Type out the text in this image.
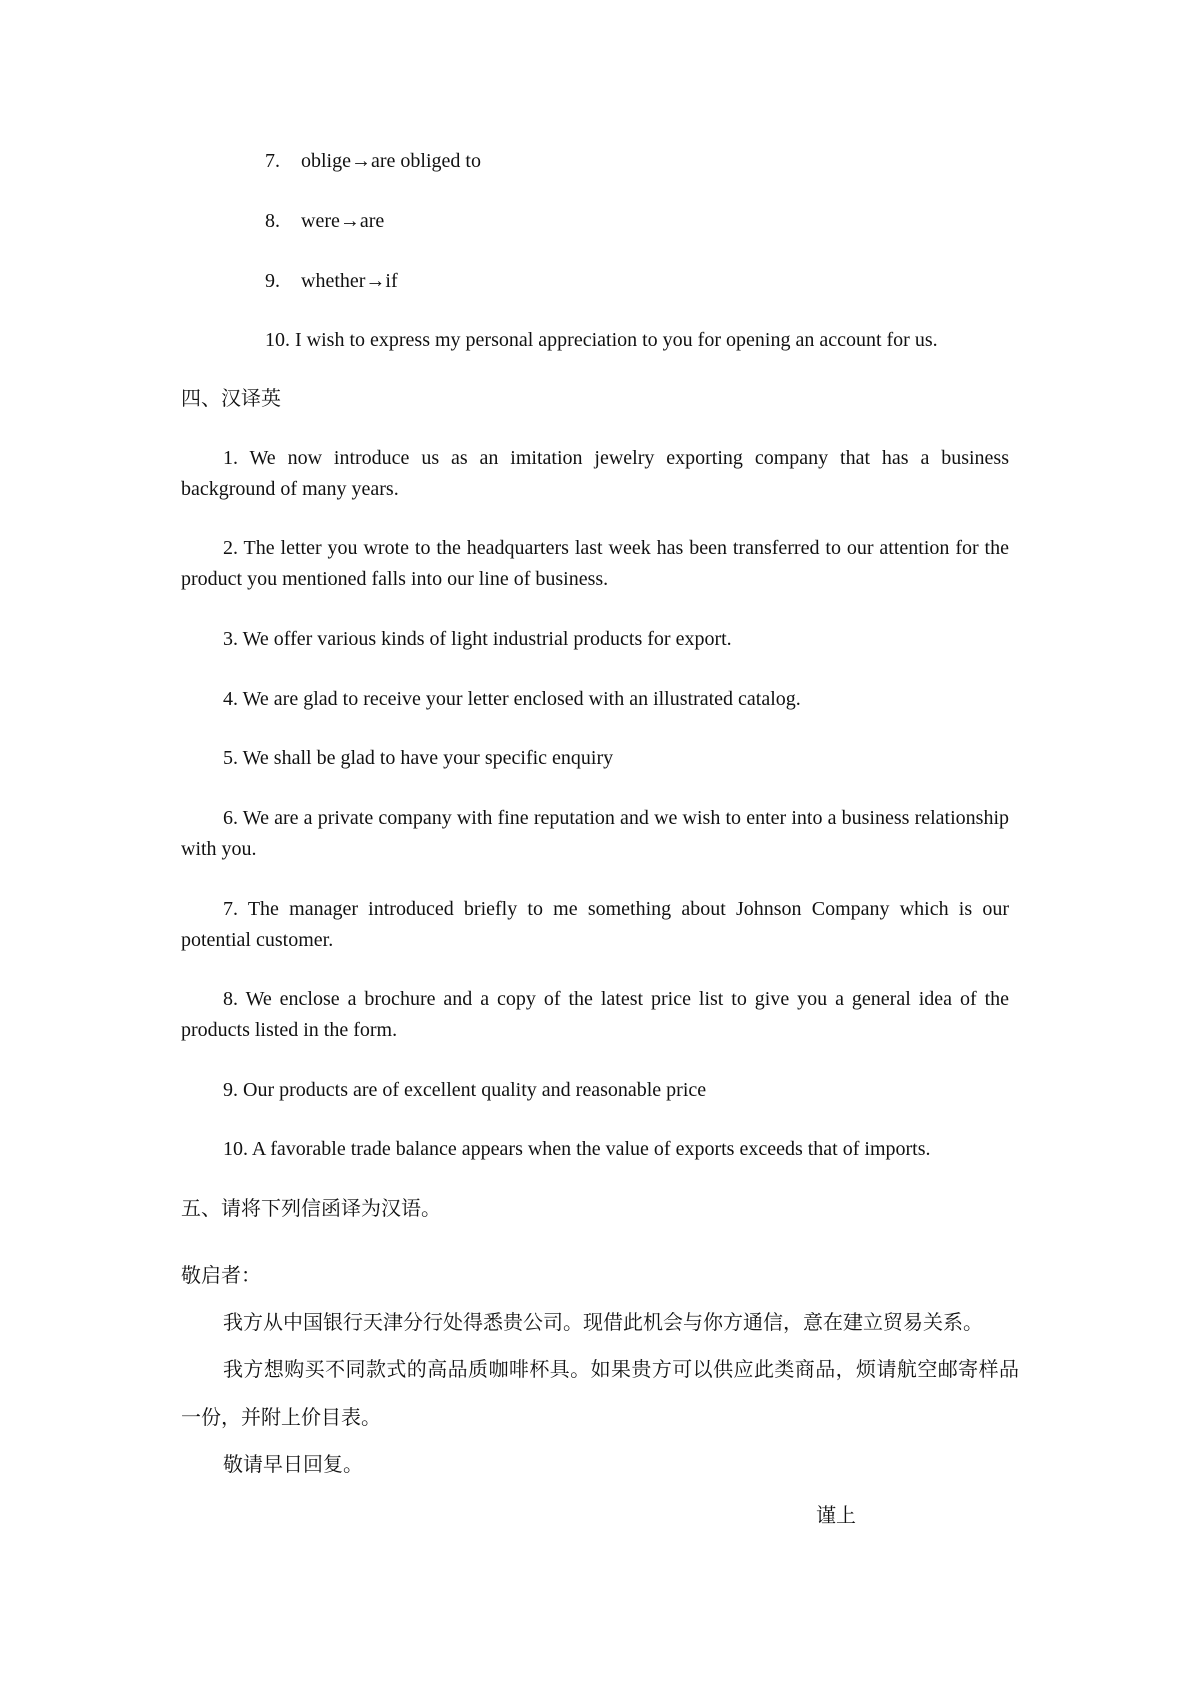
7. oblige→are obliged to
8. were→are
9. whether→if
10. I wish to express my personal appreciation to you for opening an account for us.
四、汉译英
1. We now introduce us as an imitation jewelry exporting company that has a business background of many years.
2. The letter you wrote to the headquarters last week has been transferred to our attention for the product you mentioned falls into our line of business.
3. We offer various kinds of light industrial products for export.
4. We are glad to receive your letter enclosed with an illustrated catalog.
5. We shall be glad to have your specific enquiry
6. We are a private company with fine reputation and we wish to enter into a business relationship with you.
7. The manager introduced briefly to me something about Johnson Company which is our potential customer.
8. We enclose a brochure and a copy of the latest price list to give you a general idea of the products listed in the form.
9. Our products are of excellent quality and reasonable price
10. A favorable trade balance appears when the value of exports exceeds that of imports.
五、请将下列信函译为汉语。
敬启者：
我方从中国银行天津分行处得悉贵公司。现借此机会与你方通信，意在建立贸易关系。
我方想购买不同款式的高品质咖啡杯具。如果贵方可以供应此类商品，烦请航空邮寄样品一份，并附上价目表。
敬请早日回复。
谨上
